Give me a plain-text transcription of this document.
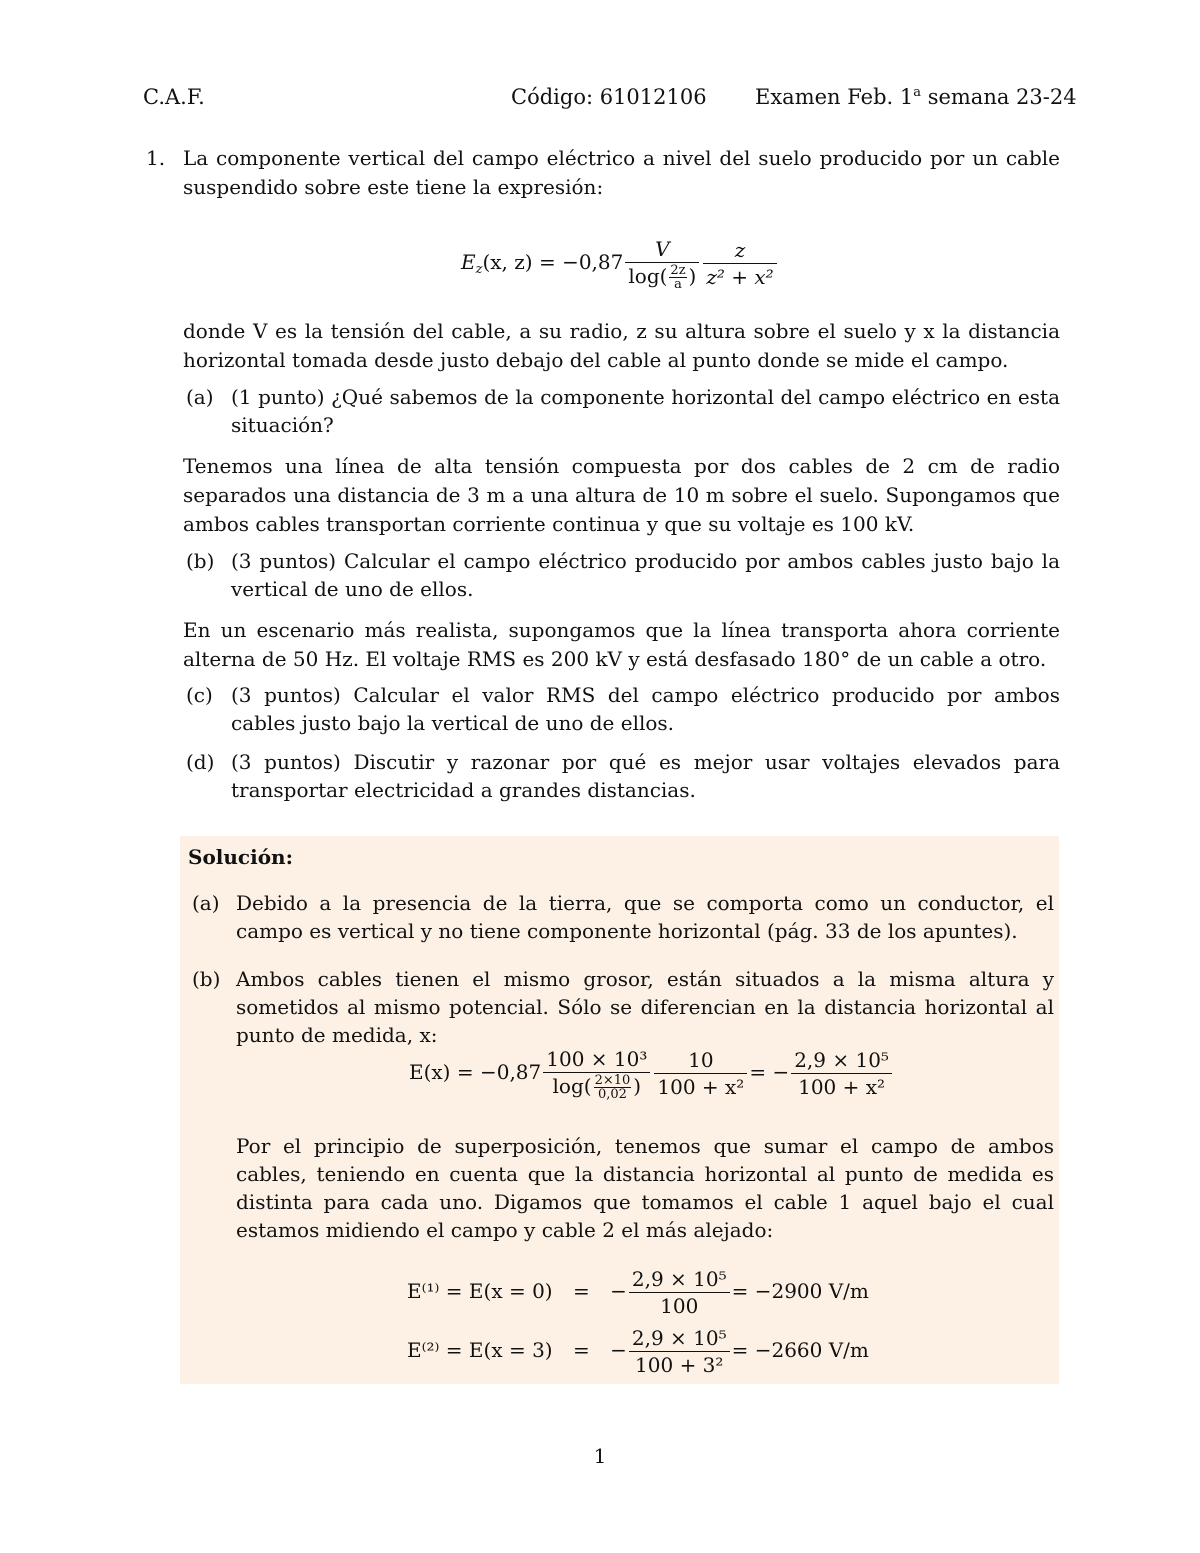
C.A.F.	Código: 61012106 Examen Feb. 1$^a$ semana 23-24
1. La componente vertical del campo eléctrico a nivel del suelo producido por un cable suspendido sobre este tiene la expresión:
$E_z(x$, $z) = -0,87 \frac{V}{\log( \frac{2z}{a} )} \frac{z}{\text{z² + x²}}$
donde V es la tensión del cable, a su radio, z su altura sobre el suelo y x la distancia horizontal tomada desde justo debajo del cable al punto donde se mide el campo.
(a) (1 punto) ¿Qué sabemos de la componente horizontal del campo eléctrico en esta situación?
Tenemos una línea de alta tensión compuesta por dos cables de 2 cm de radio separados una distancia de 3 m a una altura de 10 m sobre el suelo. Supongamos que ambos cables transportan corriente continua y que su voltaje es 100 kV.
(b) (3 puntos) Calcular el campo eléctrico producido por ambos cables justo bajo la vertical de uno de ellos.
En un escenario más realista, supongamos que la línea transporta ahora corriente alterna de 50 Hz. El voltaje RMS es 200 kV y está desfasado 180° de un cable a otro.
(c) (3 puntos) Calcular el valor RMS del campo eléctrico producido por ambos cables justo bajo la vertical de uno de ellos.
(d) (3 puntos) Discutir y razonar por qué es mejor usar voltajes elevados para transportar electricidad a grandes distancias.
Solución:
(a) Debido a la presencia de la tierra, que se comporta como un conductor, el campo es vertical y no tiene componente horizontal (pág. 33 de los apuntes).
(b) Ambos cables tienen el mismo grosor, están situados a la misma altura y sometidos al mismo potencial. Sólo se diferencian en la distancia horizontal al punto de medida, x:
$E(x) = -0,87 \frac{\text{100 × 10³}}{\log( \frac{2\times 10}{0,02} )} \frac{10}{\text{100 + x²}}$ = − $\frac{\text{2,9 × 10⁵}}{\text{100 + x²}}$
Por el principio de superposición, tenemos que sumar el campo de ambos cables, teniendo en cuenta que la distancia horizontal al punto de medida es distinta para cada uno. Digamos que tomamos el cable 1 aquel bajo el cual estamos midiendo el campo y cable 2 el más alejado:
E⁽¹⁾ = E(x = 0) = − $\frac{\text{2,9 × 10⁵}}{100} = -2900$ V/m
E⁽²⁾ = E(x = 3) = − $\frac{\text{2,9 × 10⁵}}{\text{100 + 3²}} = -2660$ V/m
1
